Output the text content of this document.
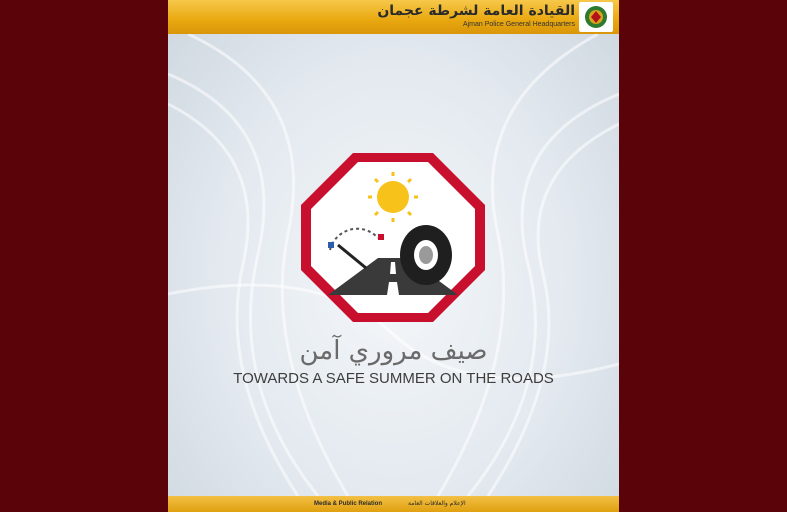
القيادة العامة لشرطة عجمان
Ajman Police General Headquarters
صيف مروري آمن
TOWARDS A SAFE SUMMER ON THE ROADS
Media & Public Relation	الإعلام والعلاقات العامة
